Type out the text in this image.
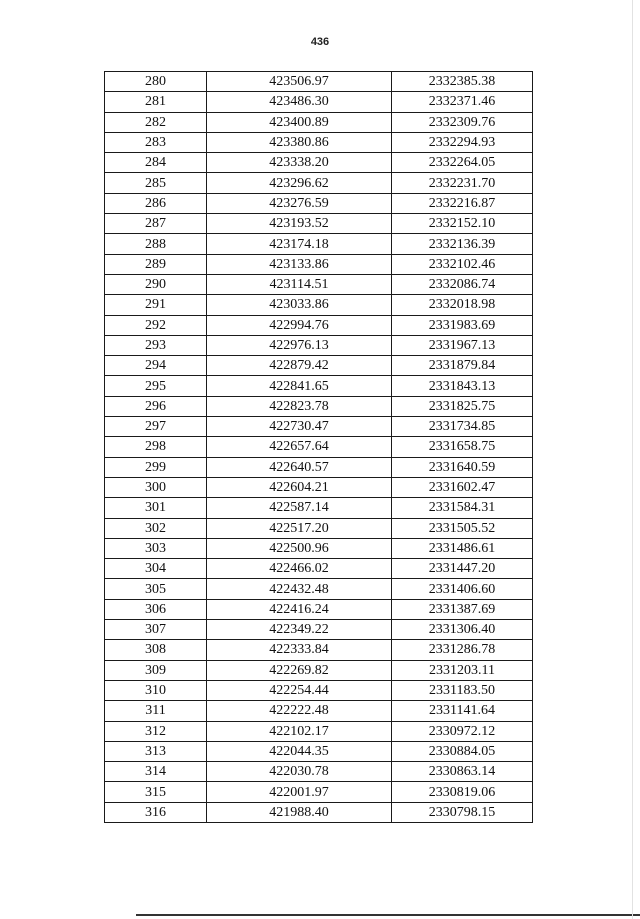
436
280	423506.97	2332385.38
281	423486.30	2332371.46
282	423400.89	2332309.76
283	423380.86	2332294.93
284	423338.20	2332264.05
285	423296.62	2332231.70
286	423276.59	2332216.87
287	423193.52	2332152.10
288	423174.18	2332136.39
289	423133.86	2332102.46
290	423114.51	2332086.74
291	423033.86	2332018.98
292	422994.76	2331983.69
293	422976.13	2331967.13
294	422879.42	2331879.84
295	422841.65	2331843.13
296	422823.78	2331825.75
297	422730.47	2331734.85
298	422657.64	2331658.75
299	422640.57	2331640.59
300	422604.21	2331602.47
301	422587.14	2331584.31
302	422517.20	2331505.52
303	422500.96	2331486.61
304	422466.02	2331447.20
305	422432.48	2331406.60
306	422416.24	2331387.69
307	422349.22	2331306.40
308	422333.84	2331286.78
309	422269.82	2331203.11
310	422254.44	2331183.50
311	422222.48	2331141.64
312	422102.17	2330972.12
313	422044.35	2330884.05
314	422030.78	2330863.14
315	422001.97	2330819.06
316	421988.40	2330798.15
